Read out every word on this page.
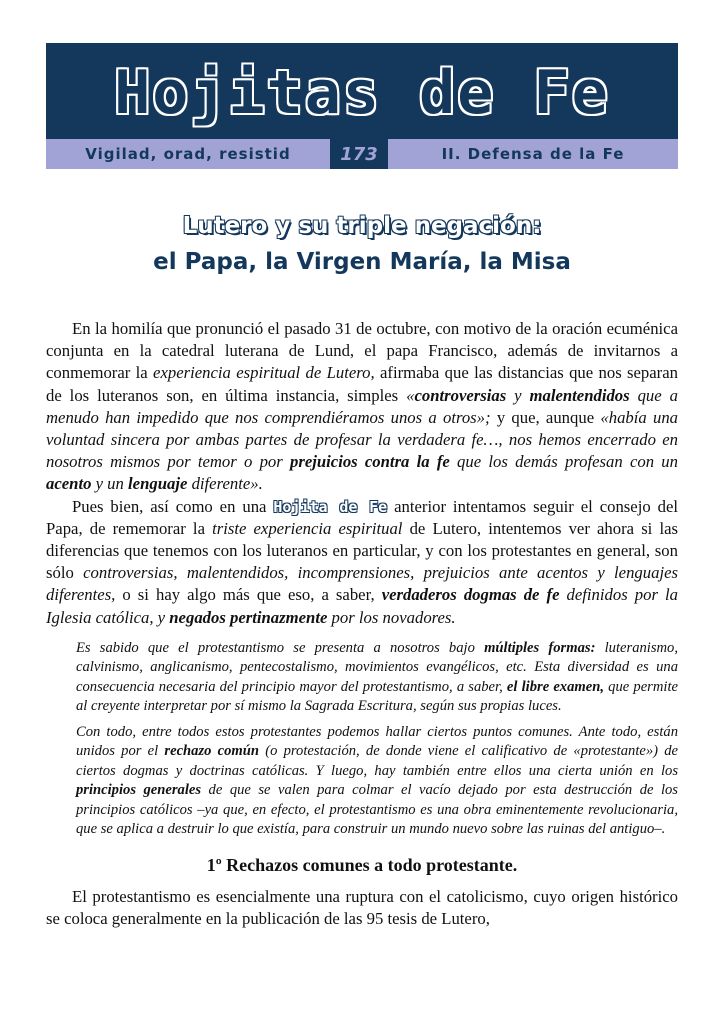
Hojitas de Fe
Vigilad, orad, resistid	173	II. Defensa de la Fe
Lutero y su triple negación:
el Papa, la Virgen María, la Misa

En la homilía que pronunció el pasado 31 de octubre, con motivo de la oración ecuménica conjunta en la catedral luterana de Lund, el papa Francisco, además de invitarnos a conmemorar la experiencia espiritual de Lutero, afirmaba que las distancias que nos separan de los luteranos son, en última instancia, simples «controversias y malentendidos que a menudo han impedido que nos comprendiéramos unos a otros»; y que, aunque «había una voluntad sincera por ambas partes de profesar la verdadera fe…, nos hemos encerrado en nosotros mismos por temor o por prejuicios contra la fe que los demás profesan con un acento y un lenguaje diferente».

Pues bien, así como en una Hojita de Fe anterior intentamos seguir el consejo del Papa, de rememorar la triste experiencia espiritual de Lutero, intentemos ver ahora si las diferencias que tenemos con los luteranos en particular, y con los protestantes en general, son sólo controversias, malentendidos, incomprensiones, prejuicios ante acentos y lenguajes diferentes, o si hay algo más que eso, a saber, verdaderos dogmas de fe definidos por la Iglesia católica, y negados pertinazmente por los novadores.

Es sabido que el protestantismo se presenta a nosotros bajo múltiples formas: luteranismo, calvinismo, anglicanismo, pentecostalismo, movimientos evangélicos, etc. Esta diversidad es una consecuencia necesaria del principio mayor del protestantismo, a saber, el libre examen, que permite al creyente interpretar por sí mismo la Sagrada Escritura, según sus propias luces.

Con todo, entre todos estos protestantes podemos hallar ciertos puntos comunes. Ante todo, están unidos por el rechazo común (o protestación, de donde viene el calificativo de «protestante») de ciertos dogmas y doctrinas católicas. Y luego, hay también entre ellos una cierta unión en los principios generales de que se valen para colmar el vacío dejado por esta destrucción de los principios católicos –ya que, en efecto, el protestantismo es una obra eminentemente revolucionaria, que se aplica a destruir lo que existía, para construir un mundo nuevo sobre las ruinas del antiguo–.

1º Rechazos comunes a todo protestante.

El protestantismo es esencialmente una ruptura con el catolicismo, cuyo origen histórico se coloca generalmente en la publicación de las 95 tesis de Lutero,
